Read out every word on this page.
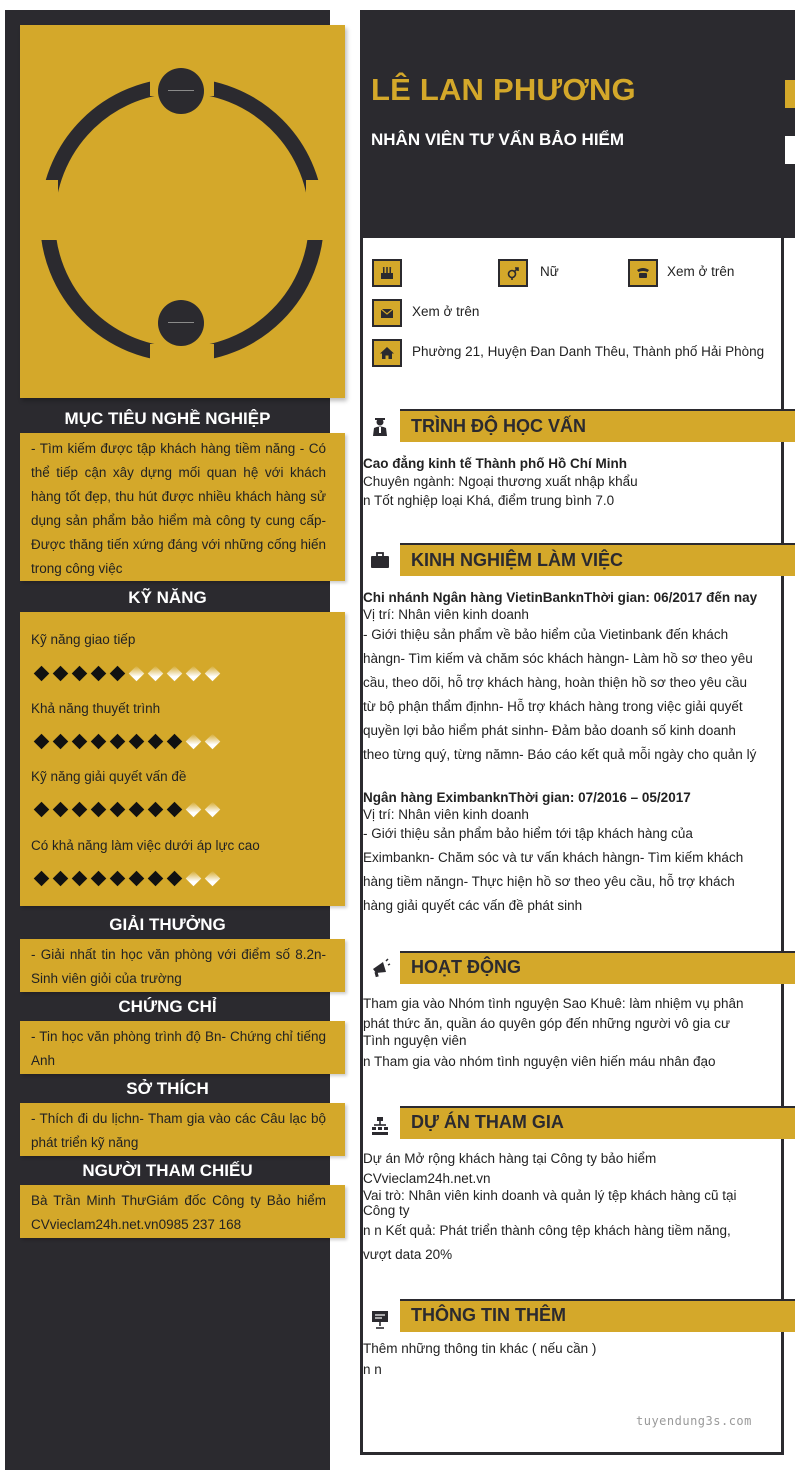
MỤC TIÊU NGHỀ NGHIỆP
- Tìm kiếm được tập khách hàng tiềm năng - Có thể tiếp cận xây dựng mối quan hệ với khách hàng tốt đẹp, thu hút được nhiều khách hàng sử dụng sản phẩm bảo hiểm mà công ty cung cấp- Được thăng tiến xứng đáng với những cống hiến trong công việc
KỸ NĂNG
Kỹ năng giao tiếp
Khả năng thuyết trình
Kỹ năng giải quyết vấn đề
Có khả năng làm việc dưới áp lực cao
GIẢI THƯỞNG
- Giải nhất tin học văn phòng với điểm số 8.2n- Sinh viên giỏi của trường
CHỨNG CHỈ
- Tin học văn phòng trình độ Bn- Chứng chỉ tiếng Anh
SỞ THÍCH
- Thích đi du lịchn- Tham gia vào các Câu lạc bộ phát triển kỹ năng
NGƯỜI THAM CHIẾU
Bà Trần Minh ThưGiám đốc Công ty Bảo hiểm CVvieclam24h.net.vn0985 237 168
LÊ LAN PHƯƠNG
NHÂN VIÊN TƯ VẤN BẢO HIỂM
Nữ	Xem ở trên
Xem ở trên
Phường 21, Huyện Đan Danh Thêu, Thành phố Hải Phòng
TRÌNH ĐỘ HỌC VẤN
Cao đẳng kinh tế Thành phố Hồ Chí Minh
Chuyên ngành: Ngoại thương xuất nhập khẩu
n Tốt nghiệp loại Khá, điểm trung bình 7.0
KINH NGHIỆM LÀM VIỆC
Chi nhánh Ngân hàng VietinBanknThời gian: 06/2017 đến nay
Vị trí: Nhân viên kinh doanh
- Giới thiệu sản phẩm về bảo hiểm của Vietinbank đến khách
hàngn- Tìm kiếm và chăm sóc khách hàngn- Làm hồ sơ theo yêu
cầu, theo dõi, hỗ trợ khách hàng, hoàn thiện hồ sơ theo yêu cầu
từ bộ phận thẩm địnhn- Hỗ trợ khách hàng trong việc giải quyết
quyền lợi bảo hiểm phát sinhn- Đảm bảo doanh số kinh doanh
theo từng quý, từng nămn- Báo cáo kết quả mỗi ngày cho quản lý
Ngân hàng EximbanknThời gian: 07/2016 – 05/2017
Vị trí: Nhân viên kinh doanh
- Giới thiệu sản phẩm bảo hiểm tới tập khách hàng của
Eximbankn- Chăm sóc và tư vấn khách hàngn- Tìm kiếm khách
hàng tiềm năngn- Thực hiện hồ sơ theo yêu cầu, hỗ trợ khách
hàng giải quyết các vấn đề phát sinh
HOẠT ĐỘNG
Tham gia vào Nhóm tình nguyện Sao Khuê: làm nhiệm vụ phân
phát thức ăn, quần áo quyên góp đến những người vô gia cư
Tình nguyện viên
n Tham gia vào nhóm tình nguyện viên hiến máu nhân đạo
DỰ ÁN THAM GIA
Dự án Mở rộng khách hàng tại Công ty bảo hiểm
CVvieclam24h.net.vn
Vai trò: Nhân viên kinh doanh và quản lý tệp khách hàng cũ tại
Công ty
n n Kết quả: Phát triển thành công tệp khách hàng tiềm năng,
vượt data 20%
THÔNG TIN THÊM
Thêm những thông tin khác ( nếu cần )
n n
tuyendung3s.com
